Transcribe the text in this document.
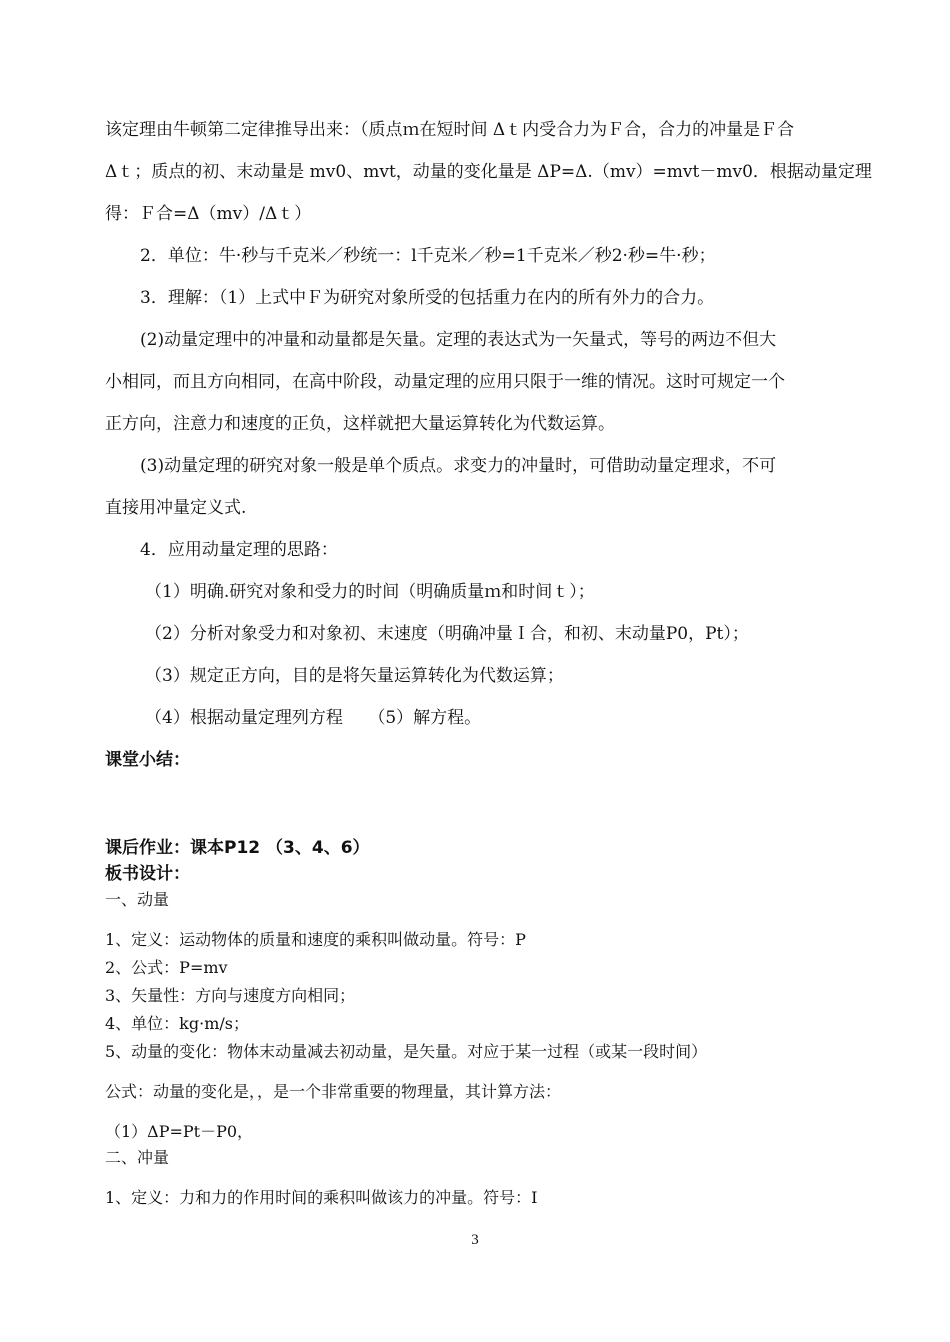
该定理由牛顿第二定律推导出来：（质点ｍ在短时间 Δｔ内受合力为Ｆ合，合力的冲量是Ｆ合
Δｔ；质点的初、末动量是 mv0、mvt，动量的变化量是 ΔP=Δ.（mv）=mvt－mv0．根据动量定理
得：Ｆ合=Δ（mv）/Δｔ）
2．单位：牛·秒与千克米／秒统一：l千克米／秒=1千克米／秒2·秒=牛·秒；
3．理解：（1）上式中Ｆ为研究对象所受的包括重力在内的所有外力的合力。
(2)动量定理中的冲量和动量都是矢量。定理的表达式为一矢量式，等号的两边不但大
小相同，而且方向相同，在高中阶段，动量定理的应用只限于一维的情况。这时可规定一个
正方向，注意力和速度的正负，这样就把大量运算转化为代数运算。
(3)动量定理的研究对象一般是单个质点。求变力的冲量时，可借助动量定理求，不可
直接用冲量定义式.
4．应用动量定理的思路：
（1）明确.研究对象和受力的时间（明确质量ｍ和时间ｔ）；
（2）分析对象受力和对象初、末速度（明确冲量Ｉ合，和初、末动量P0，Pt）；
（3）规定正方向，目的是将矢量运算转化为代数运算；
（4）根据动量定理列方程　　（5）解方程。
课堂小结：
课后作业：课本P12 （3、4、6）
板书设计：
一、动量
1、定义：运动物体的质量和速度的乘积叫做动量。符号：P
2、公式：P=mv
3、矢量性：方向与速度方向相同；
4、单位：kg·m/s；
5、动量的变化：物体末动量减去初动量，是矢量。对应于某一过程（或某一段时间）
公式：动量的变化是，，是一个非常重要的物理量，其计算方法：
（1）ΔP=Pt－P0，
二、冲量
1、定义：力和力的作用时间的乘积叫做该力的冲量。符号：I
3
